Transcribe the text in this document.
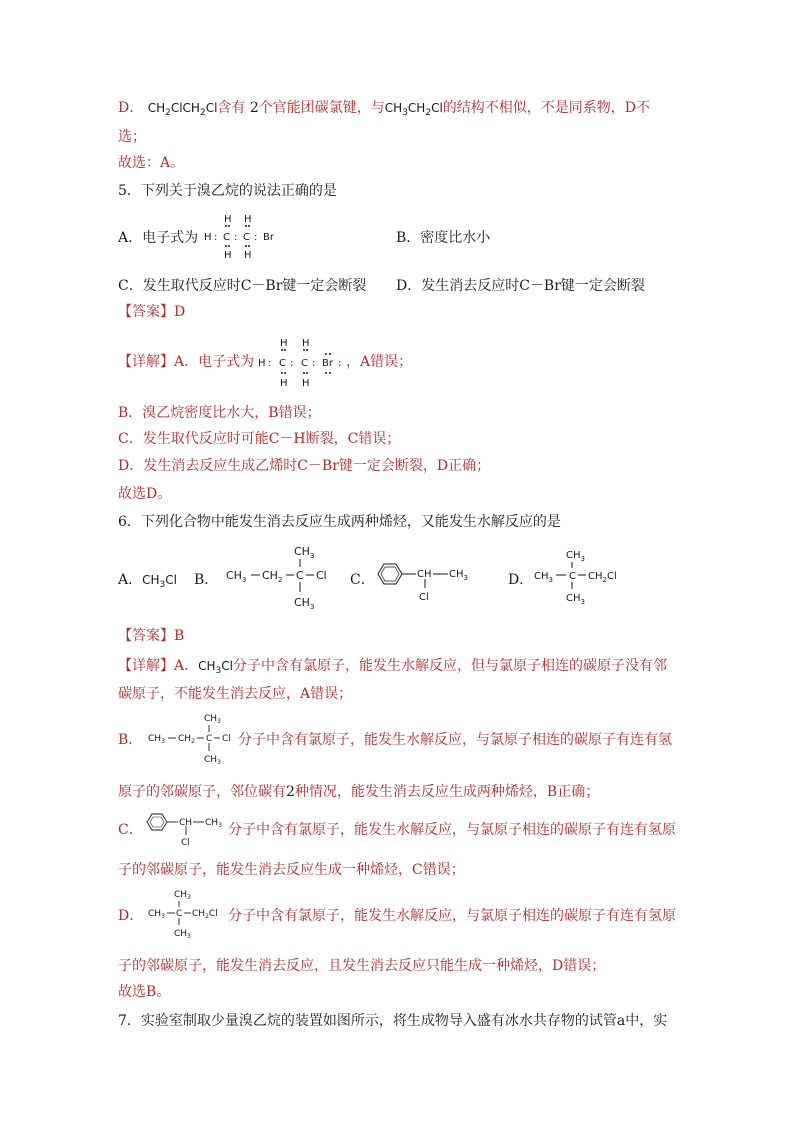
D． $CH_2ClCH_2Cl$含有 2个官能团碳氯键，与$CH_3CH_2Cl$的结构不相似，不是同系物，D不
选；
故选：A。
5．下列关于溴乙烷的说法正确的是
A．电子式为
H H
H : C : C : Br
H H
B．密度比水小
C．发生取代反应时C－Br键一定会断裂 D．发生消去反应时C－Br键一定会断裂
【答案】D
【详解】A．电子式为
H H
H : C : C : Br :
H H
，A错误；
B．溴乙烷密度比水大，B错误；
C．发生取代反应时可能C－H断裂，C错误；
D．发生消去反应生成乙烯时C－Br键一定会断裂，D正确；
故选D。
6．下列化合物中能发生消去反应生成两种烯烃，又能发生水解反应的是
A．$CH_3Cl$ B．
$CH_3$
$CH_3$ $CH_2$ C Cl
$CH_3$
C．	CH $CH_3$
Cl
D．
$CH_3$
$CH_3$ C $CH_2Cl$
$CH_3$
【答案】B
【详解】A．$CH_3Cl$分子中含有氯原子，能发生水解反应，但与氯原子相连的碳原子没有邻
碳原子，不能发生消去反应，A错误；
B．
$CH_3$
$CH_3$ $CH_2$ C Cl
$CH_3$
分子中含有氯原子，能发生水解反应，与氯原子相连的碳原子有连有氢
原子的邻碳原子，邻位碳有2种情况，能发生消去反应生成两种烯烃，B正确；
C．	CH $CH_3$
Cl
分子中含有氯原子，能发生水解反应，与氯原子相连的碳原子有连有氢原
子的邻碳原子，能发生消去反应生成一种烯烃，C错误；
D．
$CH_3$
$CH_3$ C $CH_2Cl$
$CH_3$
分子中含有氯原子，能发生水解反应，与氯原子相连的碳原子有连有氢原
子的邻碳原子，能发生消去反应，且发生消去反应只能生成一种烯烃，D错误；
故选B。
7．实验室制取少量溴乙烷的装置如图所示，将生成物导入盛有冰水共存物的试管a中，实
